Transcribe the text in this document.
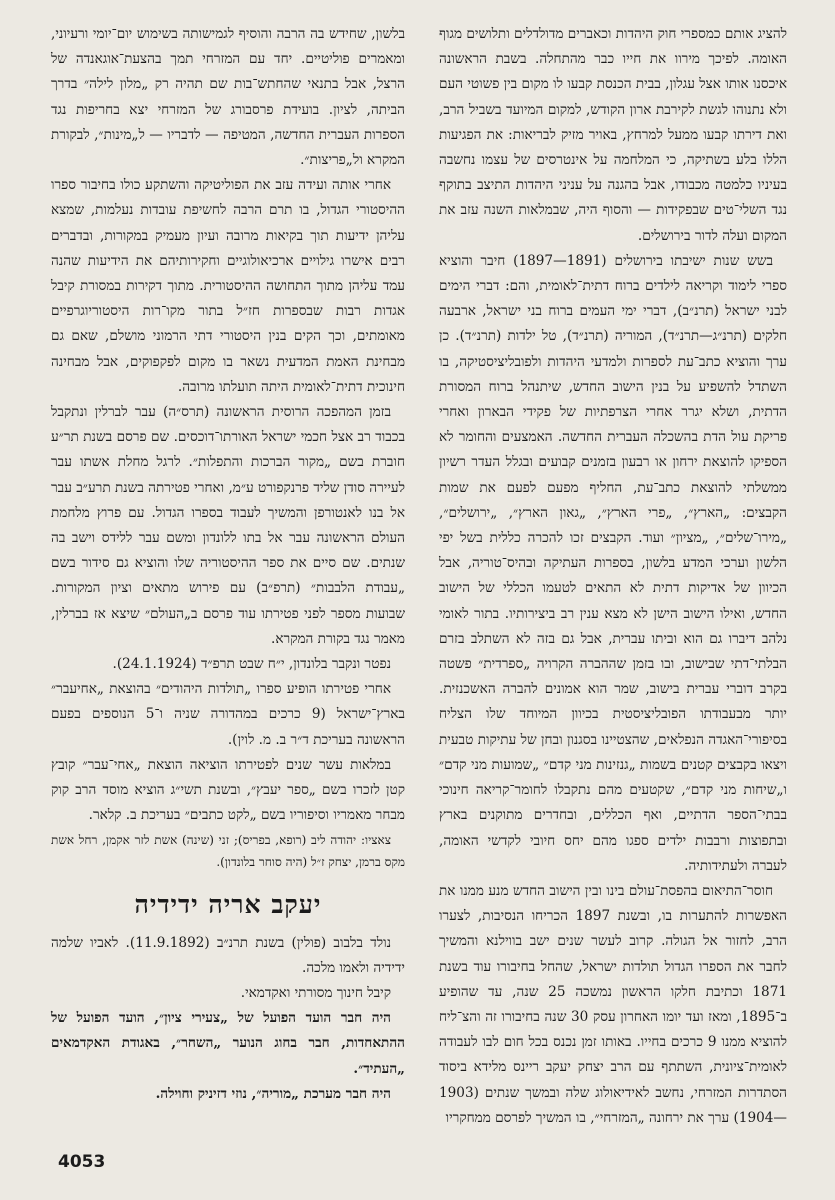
להציג אותם כמספרי חוק היהדות וכאברים מדולדלים ותלושים מגוף האומה. לפיכך מירוו את חייו כבר מהתחלה. בשבת הראשונה איכסנו אותו אצל עגלון, בבית הכנסת קבעו לו מקום בין פשוטי העם ולא נתנוהו לגשת לקירבת ארון הקודש, למקום המיועד בשביל הרב, ואת דירתו קבעו ממעל למרחץ, באויר מזיק לבריאות: את הפגיעות הללו בלע בשתיקה, כי המלחמה על אינטרסים של עצמו נחשבה בעיניו כלמטה מכבודו, אבל בהגנה על עניני היהדות התיצב בתוקף נגד השלי־טים שבפקידות — והסוף היה, שבמלאות השנה עזב את המקום ועלה לדור בירושלים.

בשש שנות ישיבתו בירושלים (1891—1897) חיבר והוציא ספרי לימוד וקריאה לילדים ברוח דתית־לאומית, והם: דברי הימים לבני ישראל (תרנ״ב), דברי ימי העמים ברוח בני ישראל, ארבעה חלקים (תרנ״ג—תרנ״ד), המוריה (תרנ״ד), טל ילדות (תרנ״ד). כן ערך והוציא כתב־עת לספרות ולמדעי היהדות ולפובליציסטיקה, בו השתדל להשפיע על בנין הישוב החדש, שיתנהל ברוח המסורת הדתית, ושלא יגרר אחרי הצרפתיות של פקידי הבארון ואחרי פריקת עול הדת בהשכלה העברית החדשה. האמצעים והחומר לא הספיקו להוצאת ירחון או רבעון בזמנים קבועים ובגלל העדר רשיון ממשלתי להוצאת כתב־עת, החליף מפעם לפעם את שמות הקבצים: „הארץ״, „פרי הארץ״, „גאון הארץ״, „ירושלים״, „מירו־שלים״, „מציון״ ועוד. הקבצים זכו להכרה כללית בשל יפי הלשון וערכי המדע בלשון, בספרות העתיקה ובהיס־טוריה, אבל הכיוון של אדיקות דתית לא התאים לטעמו הכללי של הישוב החדש, ואילו הישוב הישן לא מצא ענין רב ביצירותיו. בתור לאומי נלהב דיברו גם הוא וביתו עברית, אבל גם בזה לא השתלב בזרם הבלתי־דתי שבישוב, ובו בזמן שההברה הקרויה „ספרדית״ פשטה בקרב דוברי עברית בישוב, שמר הוא אמונים להברה האשכנזית. יותר מבעבודתו הפובליציסטית בכיוון המיוחד שלו הצליח בסיפורי־האגדה הנפלאים, שהצטיינו בסגנון ובחן של עתיקות טבעית ויצאו בקבצים קטנים בשמות „גנזינות מני קדם״ „שמועות מני קדם״ ו„שיחות מני קדם״, שקטעים מהם נתקבלו לחומר־קריאה חינוכי בבתי־הספר הדתיים, ואף הכללים, ובחדרים מתוקנים בארץ ובתפוצות ורבבות ילדים ספגו מהם יחס חיובי לקדשי האומה, לעברה ולעתידותיה.

חוסר־התיאום בהפסת־עולם בינו ובין הישוב החדש מנע ממנו את האפשרות להתערות בו, ובשנת 1897 הכריחו הנסיבות, לצערו הרב, לחזור אל הגולה. קרוב לעשר שנים ישב בווילנא והמשיך לחבר את הספרו הגדול תולדות ישראל, שהחל בחיבורו עוד בשנת 1871 וכתיבת חלקו הראשון נמשכה 25 שנה, עד שהופיע ב־1895, ומאז ועד יומו האחרון עסק 30 שנה בחיבורו זה והצ־ליח להוציא ממנו 9 כרכים בחייו. באותו זמן נכנס בכל חום לבו לעבודה לאומית־ציונית, השתתף עם הרב יצחק יעקב ריינס מלידא ביסוד הסתדרות המזרחי, נחשב לאידיאולוג שלה ובמשך שנתים (1903—1904) ערך את ירחונה „המזרחי״, בו המשיך לפרסם ממחקריו

בלשון, שחידש בה הרבה והוסיף לגמישותה בשימוש יום־יומי ורעיוני, ומאמרים פוליטיים. יחד עם המזרחי תמך בהצעת־אוגאנדה של הרצל, אבל בתנאי שהחתש־בות שם תהיה רק „מלון לילה״ בדרך הביתה, לציון. בועידת פרסבורג של המזרחי יצא בחריפות נגד הספרות העברית החדשה, המטיפה — לדבריו — ל„מינות״, לבקורת המקרא ול„פריצות״.

אחרי אותה ועידה עזב את הפוליטיקה והשתקע כולו בחיבור ספרו ההיסטורי הגדול, בו תרם הרבה לחשיפת עובדות נעלמות, שמצא עליהן ידיעות תוך בקיאות מרובה ועיון מעמיק במקורות, ובדברים רבים אישרו גילויים ארכיאולוגיים וחקירותיהם את הידיעות שהנה עמד עליהן מתוך התחושה ההיסטורית. מתוך דקירות במסורת קיבל אגדות רבות שבספרות חז״ל בתור מקו־רות היסטוריוגרפיים מאומתים, וכך הקים בנין היסטורי דתי הרמוני מושלם, שאם גם מבחינת האמת המדעית נשאר בו מקום לפקפוקים, אבל מבחינה חינוכית דתית־לאומית היתה תועלתו מרובה.

בזמן המהפכה הרוסית הראשונה (תרס״ה) עבר לברלין ונתקבל בכבוד רב אצל חכמי ישראל האורתו־דוכסים. שם פרסם בשנת תר״ע חוברת בשם „מקור הברכות והתפלות״. לרגל מחלת אשתו עבר לעיירה סודן שליד פרנקפורט ע״מ, ואחרי פטירתה בשנת תרע״ב עבר אל בנו לאנטורפן והמשיך לעבוד בספרו הגדול. עם פרוץ מלחמת העולם הראשונה עבר אל בתו ללונדון ומשם עבר ללידס וישב בה שנתים. שם סיים את ספר ההיסטוריה שלו והוציא גם סידור בשם „עבודת הלבבות״ (תרפ״ב) עם פירוש מתאים וציון המקורות. שבועות מספר לפני פטירתו עוד פרסם ב„העולם״ שיצא אז בברלין, מאמר נגד בקורת המקרא.

נפטר ונקבר בלונדון, י״ח שבט תרפ״ד (24.1.1924).

אחרי פטירתו הופיע ספרו „תולדות היהודים״ בהוצאת „אחיעבר״ בארץ־ישראל (9 כרכים במהדורה שניה ו־5 הנוספים בפעם הראשונה בעריכת ד״ר ב. מ. לוין).

במלאות עשר שנים לפטירתו הוציאה הוצאת „אחי־עבר״ קובץ קטן לזכרו בשם „ספר יעבץ״, ובשנת תשי״ג הוציא מוסד הרב קוק מבחר מאמריו וסיפוריו בשם „לקט כתבים״ בעריכת ב. קלאר.

צאציו: יהודה ליב (רופא, בפריס); זני (שינה) אשת לזר אקמן, רחל אשת מקס ברמן, יצחק ז״ל (היה סוחר בלונדון).

יעקב אריה ידידיה

נולד בלבוב (פולין) בשנת תרנ״ב (11.9.1892). לאביו שלמה ידידיה ולאמו מלכה.

קיבל חינוך מסורתי ואקדמאי.

היה חבר הועד הפועל של „צעירי ציון״, הועד הפועל של ההתאחדות, חבר בחוג הנוער „השחר״, באגודת האקדמאים „העתיד״.

היה חבר מערכת „מוריה״, נוזי דזיניק וחוילה.

4053
